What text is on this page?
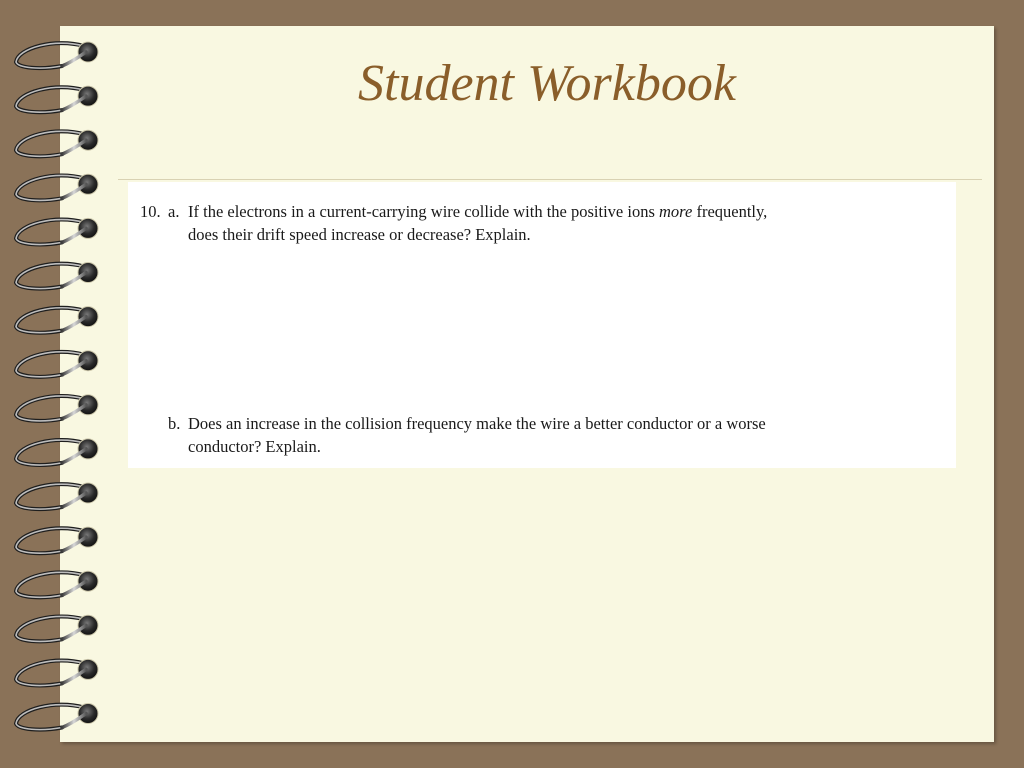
Student Workbook
10. a. If the electrons in a current-carrying wire collide with the positive ions more frequently,
does their drift speed increase or decrease? Explain.
b. Does an increase in the collision frequency make the wire a better conductor or a worse
conductor? Explain.
